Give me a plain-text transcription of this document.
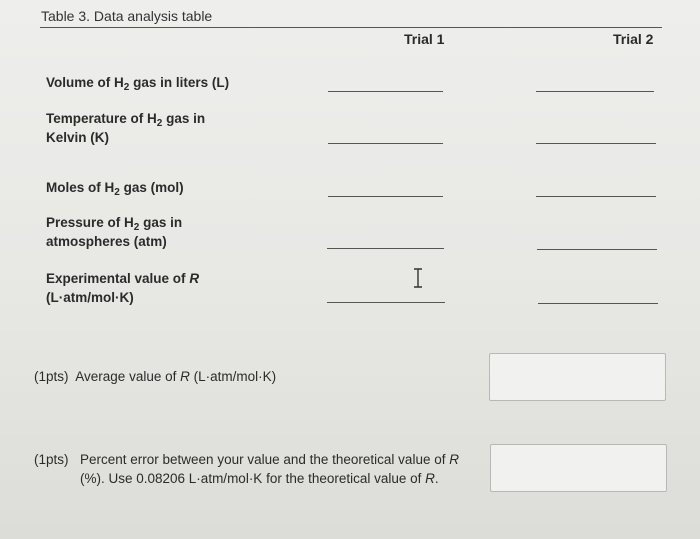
Table 3. Data analysis table
Trial 1	Trial 2
Volume of $H_2$ gas in liters (L)
Temperature of $H_2$ gas in
Kelvin (K)
Moles of $H_2$ gas (mol)
Pressure of $H_2$ gas in
atmospheres (atm)
Experimental value of R
(L·atm/mol·K)
(1pts) Average value of R (L·atm/mol·K)
(1pts) Percent error between your value and the theoretical value of R
(%). Use 0.08206 L·atm/mol·K for the theoretical value of R.
